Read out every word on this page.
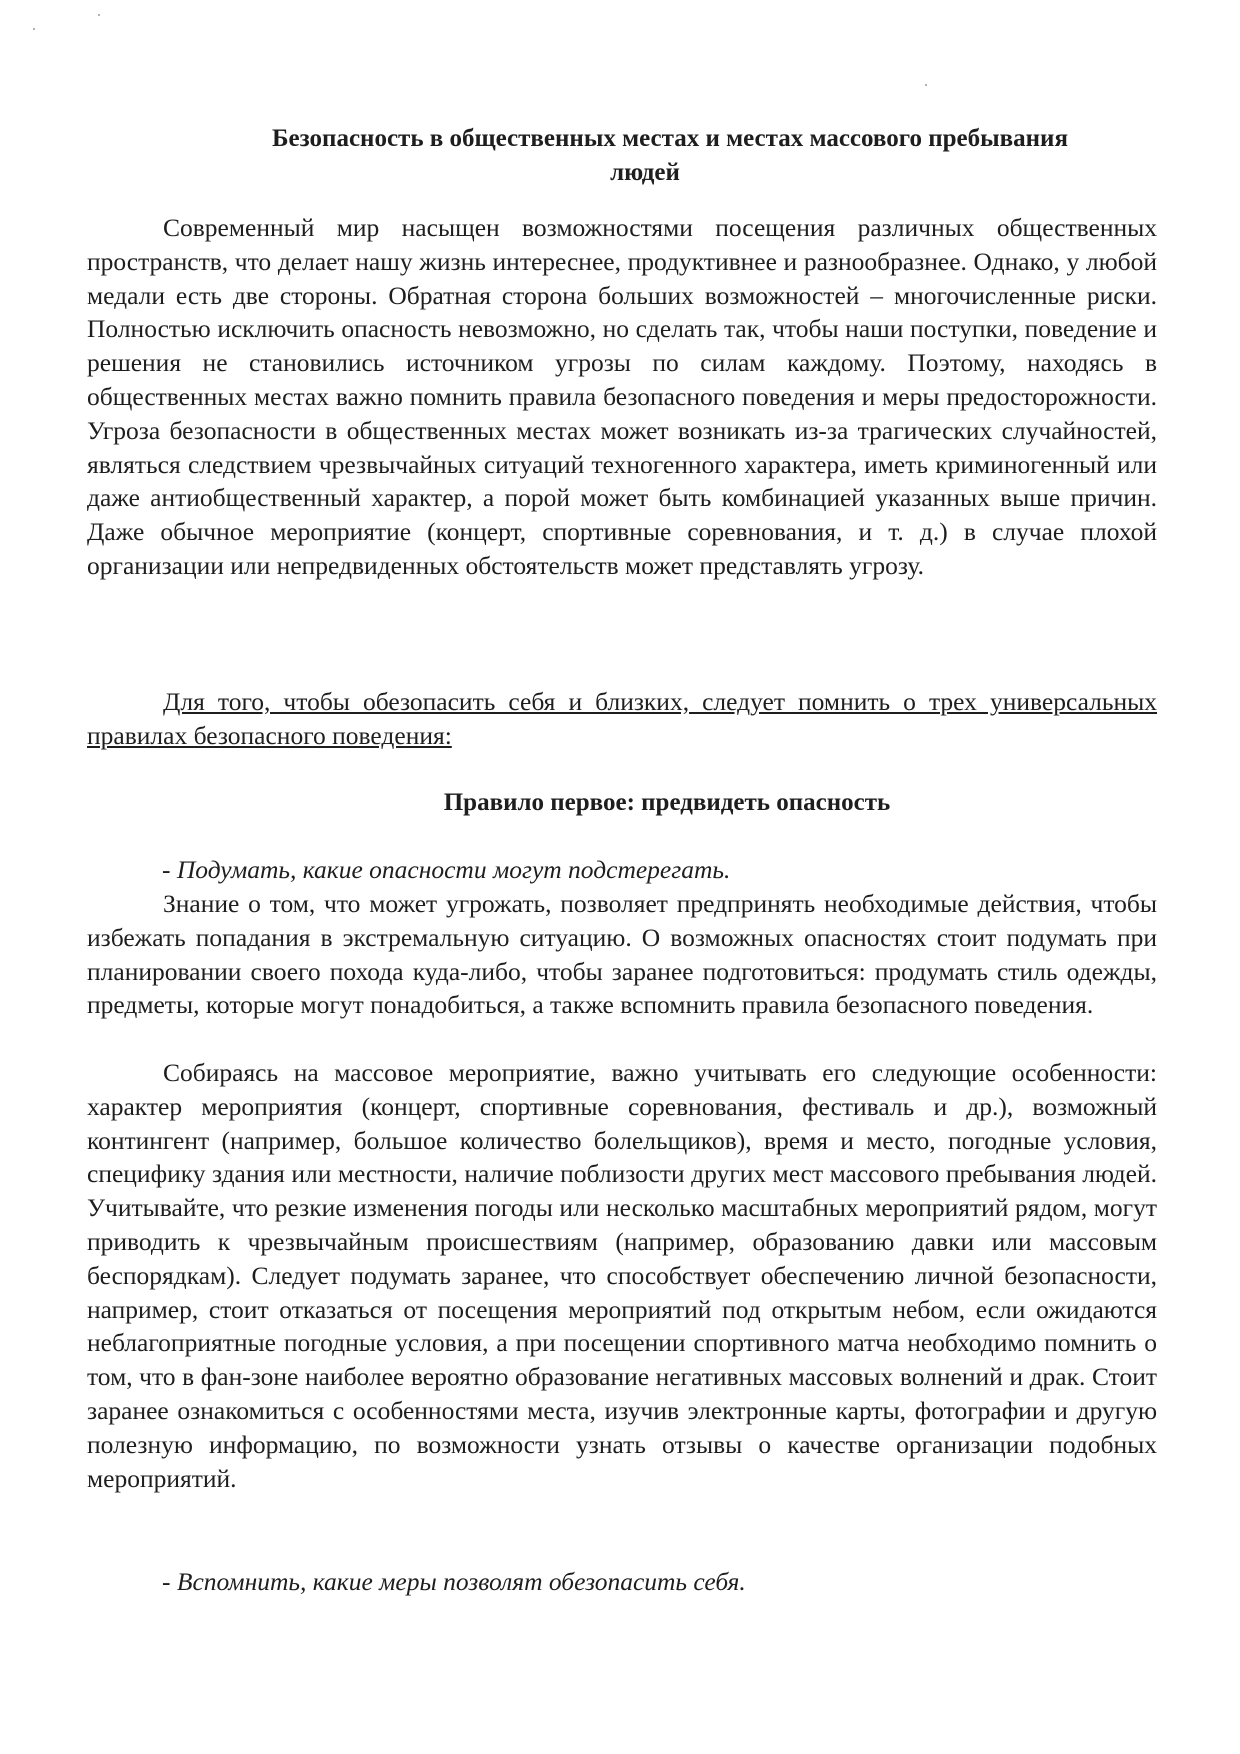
Безопасность в общественных местах и местах массового пребывания
людей

Современный мир насыщен возможностями посещения различных общественных пространств, что делает нашу жизнь интереснее, продуктивнее и разнообразнее. Однако, у любой медали есть две стороны. Обратная сторона больших возможностей – многочисленные риски. Полностью исключить опасность невозможно, но сделать так, чтобы наши поступки, поведение и решения не становились источником угрозы по силам каждому. Поэтому, находясь в общественных местах важно помнить правила безопасного поведения и меры предосторожности. Угроза безопасности в общественных местах может возникать из-за трагических случайностей, являться следствием чрезвычайных ситуаций техногенного характера, иметь криминогенный или даже антиобщественный характер, а порой может быть комбинацией указанных выше причин. Даже обычное мероприятие (концерт, спортивные соревнования, и т. д.) в случае плохой организации или непредвиденных обстоятельств может представлять угрозу.

Для того, чтобы обезопасить себя и близких, следует помнить о трех универсальных правилах безопасного поведения:

Правило первое: предвидеть опасность

- Подумать, какие опасности могут подстерегать.

Знание о том, что может угрожать, позволяет предпринять необходимые действия, чтобы избежать попадания в экстремальную ситуацию. О возможных опасностях стоит подумать при планировании своего похода куда-либо, чтобы заранее подготовиться: продумать стиль одежды, предметы, которые могут понадобиться, а также вспомнить правила безопасного поведения.

Собираясь на массовое мероприятие, важно учитывать его следующие особенности: характер мероприятия (концерт, спортивные соревнования, фестиваль и др.), возможный контингент (например, большое количество болельщиков), время и место, погодные условия, специфику здания или местности, наличие поблизости других мест массового пребывания людей. Учитывайте, что резкие изменения погоды или несколько масштабных мероприятий рядом, могут приводить к чрезвычайным происшествиям (например, образованию давки или массовым беспорядкам). Следует подумать заранее, что способствует обеспечению личной безопасности, например, стоит отказаться от посещения мероприятий под открытым небом, если ожидаются неблагоприятные погодные условия, а при посещении спортивного матча необходимо помнить о том, что в фан-зоне наиболее вероятно образование негативных массовых волнений и драк. Стоит заранее ознакомиться с особенностями места, изучив электронные карты, фотографии и другую полезную информацию, по возможности узнать отзывы о качестве организации подобных мероприятий.

- Вспомнить, какие меры позволят обезопасить себя.
